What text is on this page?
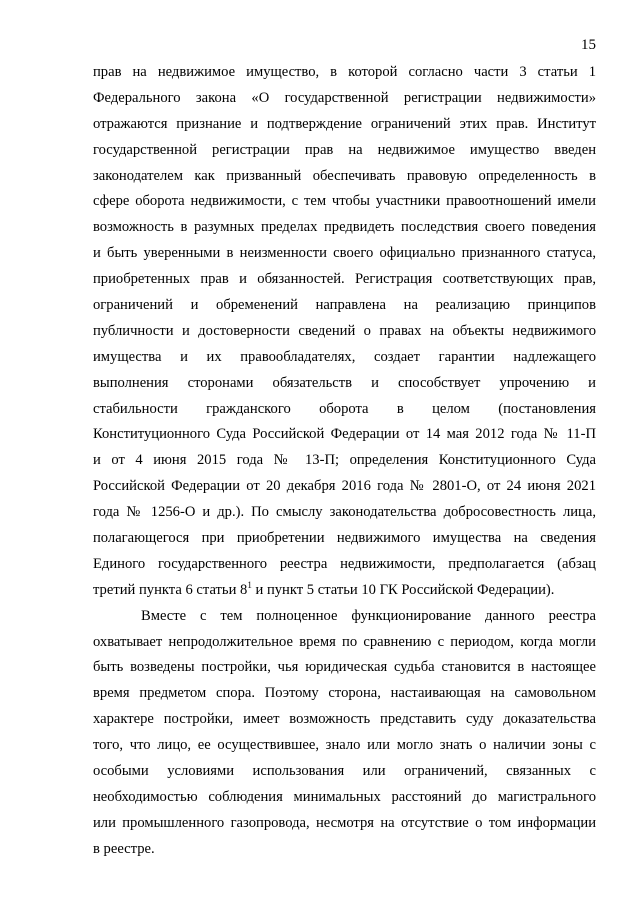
15
прав на недвижимое имущество, в которой согласно части 3 статьи 1
Федерального закона «О государственной регистрации недвижимости»
отражаются признание и подтверждение ограничений этих прав. Институт
государственной регистрации прав на недвижимое имущество введен
законодателем как призванный обеспечивать правовую определенность в
сфере оборота недвижимости, с тем чтобы участники правоотношений имели
возможность в разумных пределах предвидеть последствия своего поведения
и быть уверенными в неизменности своего официально признанного статуса,
приобретенных прав и обязанностей. Регистрация соответствующих прав,
ограничений и обременений направлена на реализацию принципов
публичности и достоверности сведений о правах на объекты недвижимого
имущества и их правообладателях, создает гарантии надлежащего
выполнения сторонами обязательств и способствует упрочению и
стабильности гражданского оборота в целом (постановления
Конституционного Суда Российской Федерации от 14 мая 2012 года № 11-П
и от 4 июня 2015 года № 13-П; определения Конституционного Суда
Российской Федерации от 20 декабря 2016 года № 2801-О, от 24 июня 2021
года № 1256-О и др.). По смыслу законодательства добросовестность лица,
полагающегося при приобретении недвижимого имущества на сведения
Единого государственного реестра недвижимости, предполагается (абзац
третий пункта 6 статьи $8^1$ и пункт 5 статьи 10 ГК Российской Федерации).
Вместе с тем полноценное функционирование данного реестра
охватывает непродолжительное время по сравнению с периодом, когда могли
быть возведены постройки, чья юридическая судьба становится в настоящее
время предметом спора. Поэтому сторона, настаивающая на самовольном
характере постройки, имеет возможность представить суду доказательства
того, что лицо, ее осуществившее, знало или могло знать о наличии зоны с
особыми условиями использования или ограничений, связанных с
необходимостью соблюдения минимальных расстояний до магистрального
или промышленного газопровода, несмотря на отсутствие о том информации
в реестре.
